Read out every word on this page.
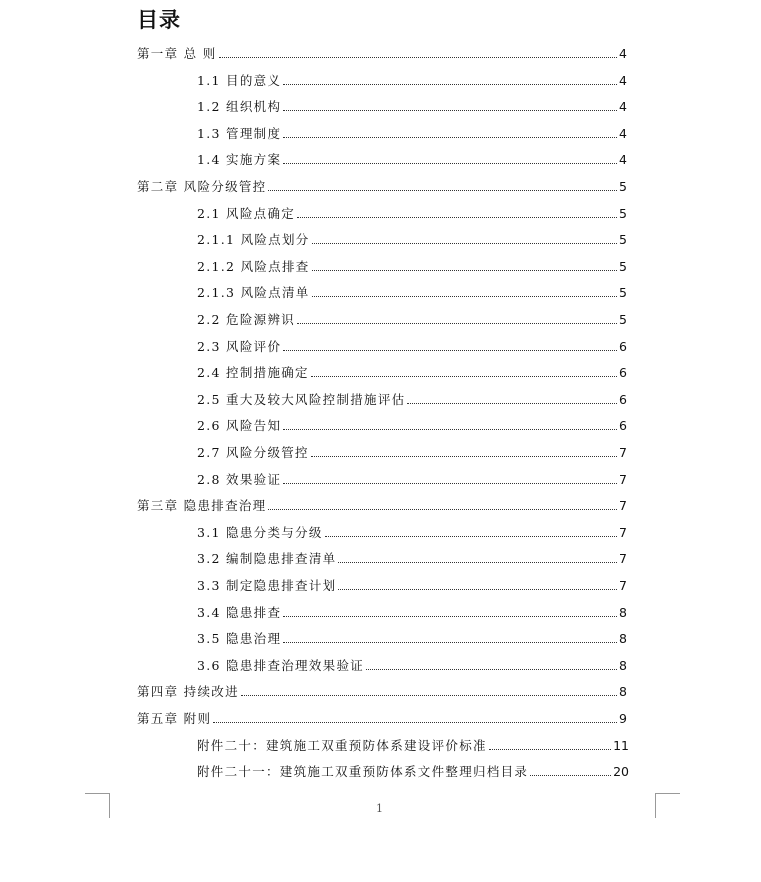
目录
第一章 总 则	4
1.1 目的意义	4
1.2 组织机构	4
1.3 管理制度	4
1.4 实施方案	4
第二章 风险分级管控	5
2.1 风险点确定	5
2.1.1 风险点划分	5
2.1.2 风险点排查	5
2.1.3 风险点清单	5
2.2 危险源辨识	5
2.3 风险评价	6
2.4 控制措施确定	6
2.5 重大及较大风险控制措施评估	6
2.6 风险告知	6
2.7 风险分级管控	7
2.8 效果验证	7
第三章 隐患排查治理	7
3.1 隐患分类与分级	7
3.2 编制隐患排查清单	7
3.3 制定隐患排查计划	7
3.4 隐患排查	8
3.5 隐患治理	8
3.6 隐患排查治理效果验证	8
第四章 持续改进	8
第五章 附则	9
附件二十：建筑施工双重预防体系建设评价标准	11
附件二十一：建筑施工双重预防体系文件整理归档目录	20
1
